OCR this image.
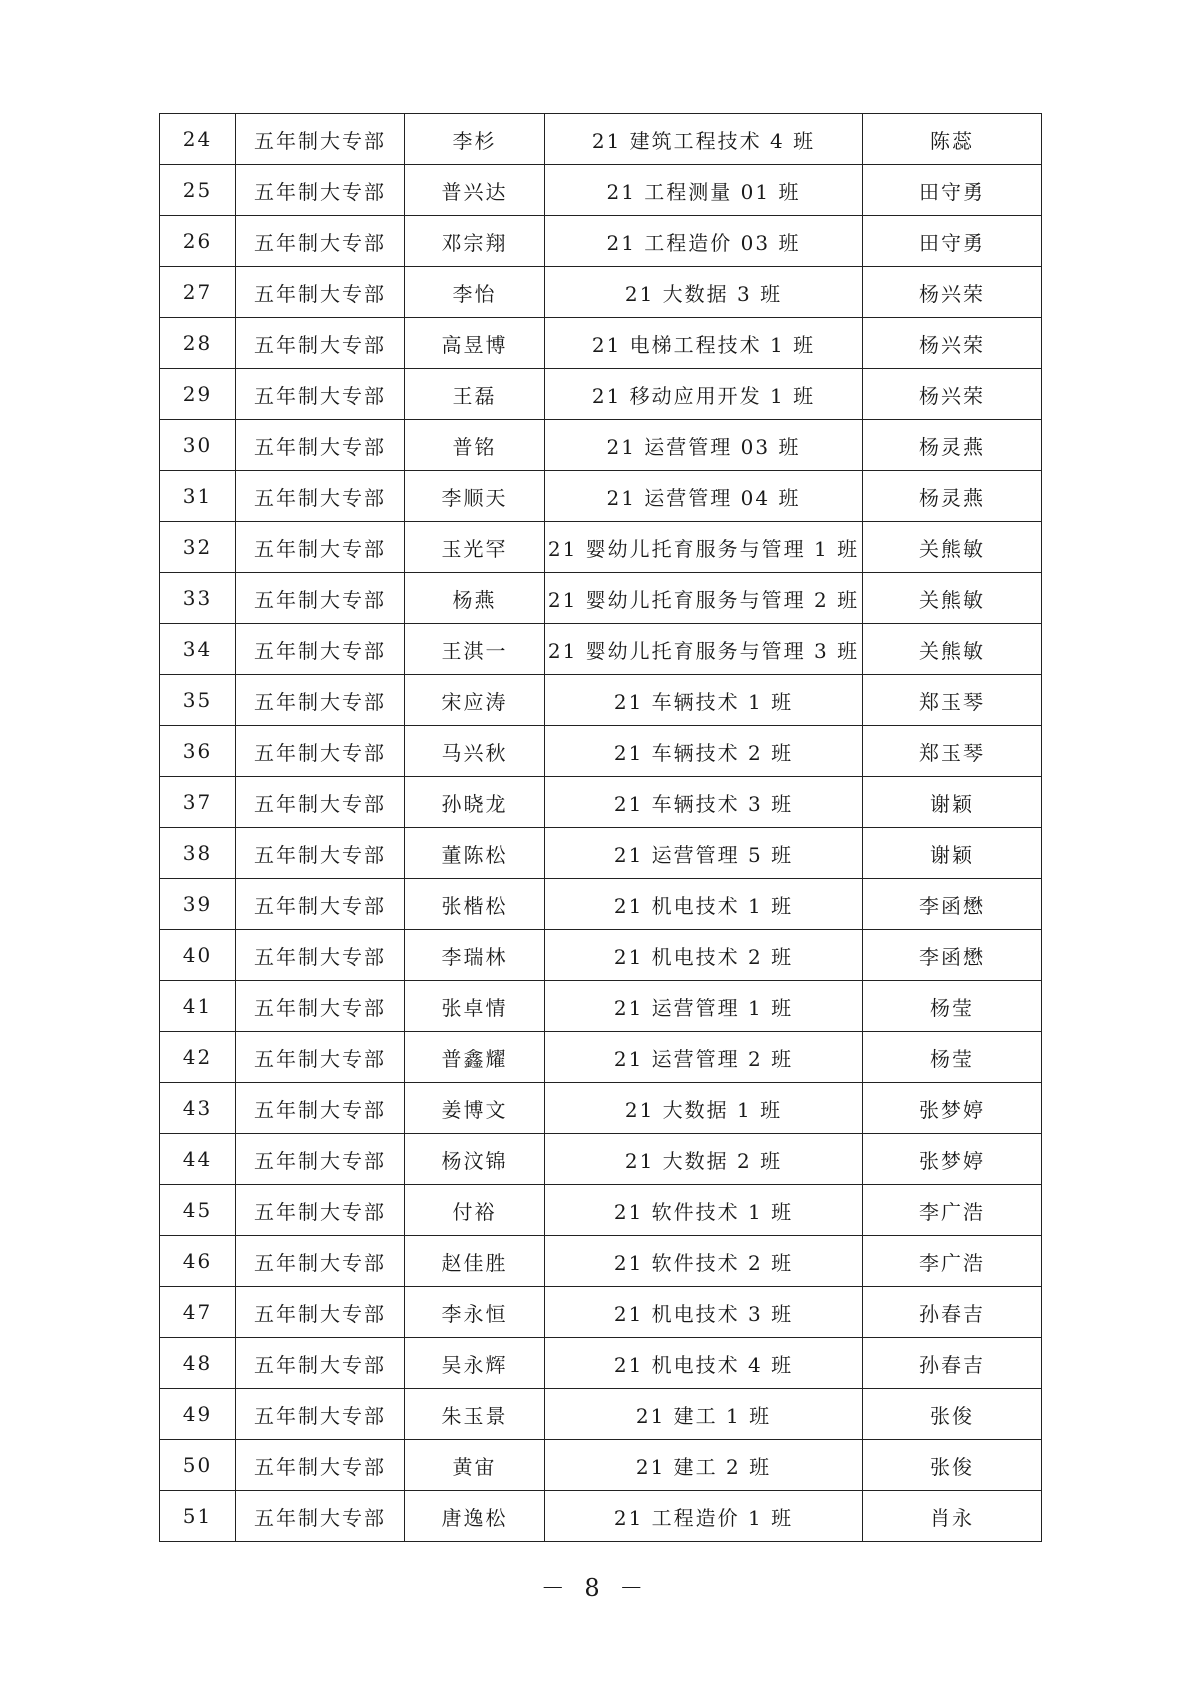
24	五年制大专部	李杉	21 建筑工程技术 4 班	陈蕊
25	五年制大专部	普兴达	21 工程测量 01 班	田守勇
26	五年制大专部	邓宗翔	21 工程造价 03 班	田守勇
27	五年制大专部	李怡	21 大数据 3 班	杨兴荣
28	五年制大专部	高昱博	21 电梯工程技术 1 班	杨兴荣
29	五年制大专部	王磊	21 移动应用开发 1 班	杨兴荣
30	五年制大专部	普铭	21 运营管理 03 班	杨灵燕
31	五年制大专部	李顺天	21 运营管理 04 班	杨灵燕
32	五年制大专部	玉光罕	21 婴幼儿托育服务与管理 1 班	关熊敏
33	五年制大专部	杨燕	21 婴幼儿托育服务与管理 2 班	关熊敏
34	五年制大专部	王淇一	21 婴幼儿托育服务与管理 3 班	关熊敏
35	五年制大专部	宋应涛	21 车辆技术 1 班	郑玉琴
36	五年制大专部	马兴秋	21 车辆技术 2 班	郑玉琴
37	五年制大专部	孙晓龙	21 车辆技术 3 班	谢颖
38	五年制大专部	董陈松	21 运营管理 5 班	谢颖
39	五年制大专部	张楷松	21 机电技术 1 班	李函懋
40	五年制大专部	李瑞林	21 机电技术 2 班	李函懋
41	五年制大专部	张卓情	21 运营管理 1 班	杨莹
42	五年制大专部	普鑫耀	21 运营管理 2 班	杨莹
43	五年制大专部	姜博文	21 大数据 1 班	张梦婷
44	五年制大专部	杨汶锦	21 大数据 2 班	张梦婷
45	五年制大专部	付裕	21 软件技术 1 班	李广浩
46	五年制大专部	赵佳胜	21 软件技术 2 班	李广浩
47	五年制大专部	李永恒	21 机电技术 3 班	孙春吉
48	五年制大专部	吴永辉	21 机电技术 4 班	孙春吉
49	五年制大专部	朱玉景	21 建工 1 班	张俊
50	五年制大专部	黄宙	21 建工 2 班	张俊
51	五年制大专部	唐逸松	21 工程造价 1 班	肖永
－ 8 －
